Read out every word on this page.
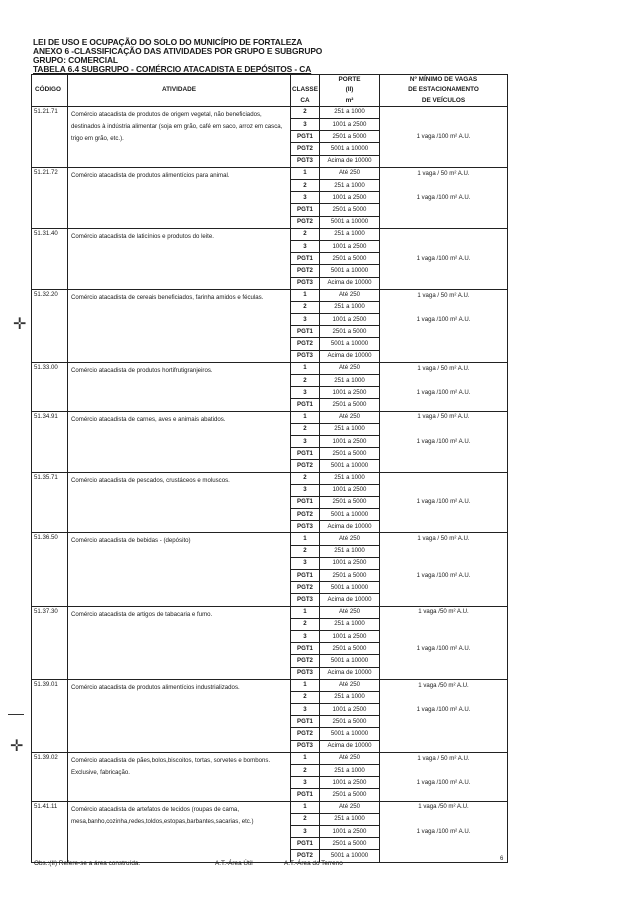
LEI DE USO E OCUPAÇÃO DO SOLO DO MUNICÍPIO DE FORTALEZA
ANEXO 6 -CLASSIFICAÇÃO DAS ATIVIDADES POR GRUPO E SUBGRUPO
GRUPO: COMERCIAL
TABELA 6.4 SUBGRUPO - COMÉRCIO ATACADISTA E DEPÓSITOS - CA
CÓDIGO	ATIVIDADE		PORTE	Nº MÍNIMO DE VAGAS
		CLASSE	(II)	DE ESTACIONAMENTO
		CA	m²	DE VEÍCULOS
51.21.71	Comércio atacadista de produtos de origem vegetal, não beneficiados, destinados à indústria alimentar (soja em grão, café em saco, arroz em casca, trigo em grão, etc.).	2	251 a 1000	
		3	1001 a 2500	
		PGT1	2501 a 5000	1 vaga /100 m² A.U.
		PGT2	5001 a 10000	
		PGT3	Acima de 10000	
51.21.72	Comércio atacadista de produtos alimentícios para animal.	1	Até 250	1 vaga / 50 m² A.U.
		2	251 a 1000	
		3	1001 a 2500	1 vaga /100 m² A.U.
		PGT1	2501 a 5000	
		PGT2	5001 a 10000	
51.31.40	Comércio atacadista de laticínios e produtos do leite.	2	251 a 1000	
		3	1001 a 2500	
		PGT1	2501 a 5000	1 vaga /100 m² A.U.
		PGT2	5001 a 10000	
		PGT3	Acima de 10000	
51.32.20	Comércio atacadista de cereais beneficiados, farinha amidos e féculas.	1	Até 250	1 vaga / 50 m² A.U.
		2	251 a 1000	
		3	1001 a 2500	1 vaga /100 m² A.U.
		PGT1	2501 a 5000	
		PGT2	5001 a 10000	
		PGT3	Acima de 10000	
51.33.00	Comércio atacadista de produtos hortifrutigranjeiros.	1	Até 250	1 vaga / 50 m² A.U.
		2	251 a 1000	
		3	1001 a 2500	1 vaga /100 m² A.U.
		PGT1	2501 a 5000	
51.34.91	Comércio atacadista de carnes, aves e animais abatidos.	1	Até 250	1 vaga / 50 m² A.U.
		2	251 a 1000	
		3	1001 a 2500	1 vaga /100 m² A.U.
		PGT1	2501 a 5000	
		PGT2	5001 a 10000	
51.35.71	Comércio atacadista de pescados, crustáceos e moluscos.	2	251 a 1000	
		3	1001 a 2500	
		PGT1	2501 a 5000	1 vaga /100 m² A.U.
		PGT2	5001 a 10000	
		PGT3	Acima de 10000	
51.36.50	Comércio atacadista de bebidas - (depósito)	1	Até 250	1 vaga / 50 m² A.U.
		2	251 a 1000	
		3	1001 a 2500	
		PGT1	2501 a 5000	1 vaga /100 m² A.U.
		PGT2	5001 a 10000	
		PGT3	Acima de 10000	
51.37.30	Comércio atacadista de artigos de tabacaria e fumo.	1	Até 250	1 vaga /50 m² A.U.
		2	251 a 1000	
		3	1001 a 2500	
		PGT1	2501 a 5000	1 vaga /100 m² A.U.
		PGT2	5001 a 10000	
		PGT3	Acima de 10000	
51.39.01	Comércio atacadista de produtos alimentícios industrializados.	1	Até 250	1 vaga /50 m² A.U.
		2	251 a 1000	
		3	1001 a 2500	1 vaga /100 m² A.U.
		PGT1	2501 a 5000	
		PGT2	5001 a 10000	
		PGT3	Acima de 10000	
51.39.02	Comércio atacadista de pães,bolos,biscoitos, tortas, sorvetes e bombons. Exclusive, fabricação.	1	Até 250	1 vaga / 50 m² A.U.
		2	251 a 1000	
		3	1001 a 2500	1 vaga /100 m² A.U.
		PGT1	2501 a 5000	
51.41.11	Comércio atacadista de artefatos de tecidos (roupas de cama, mesa,banho,cozinha,redes,toldos,estopas,barbantes,sacarias, etc.)	1	Até 250	1 vaga /50 m² A.U.
		2	251 a 1000	
		3	1001 a 2500	1 vaga /100 m² A.U.
		PGT1	2501 a 5000	
		PGT2	5001 a 10000	
Obs.:(II) Refere-se a área construída.	A.T.-Área Útil	A.T.-Área do Terreno
6
✛
✛
